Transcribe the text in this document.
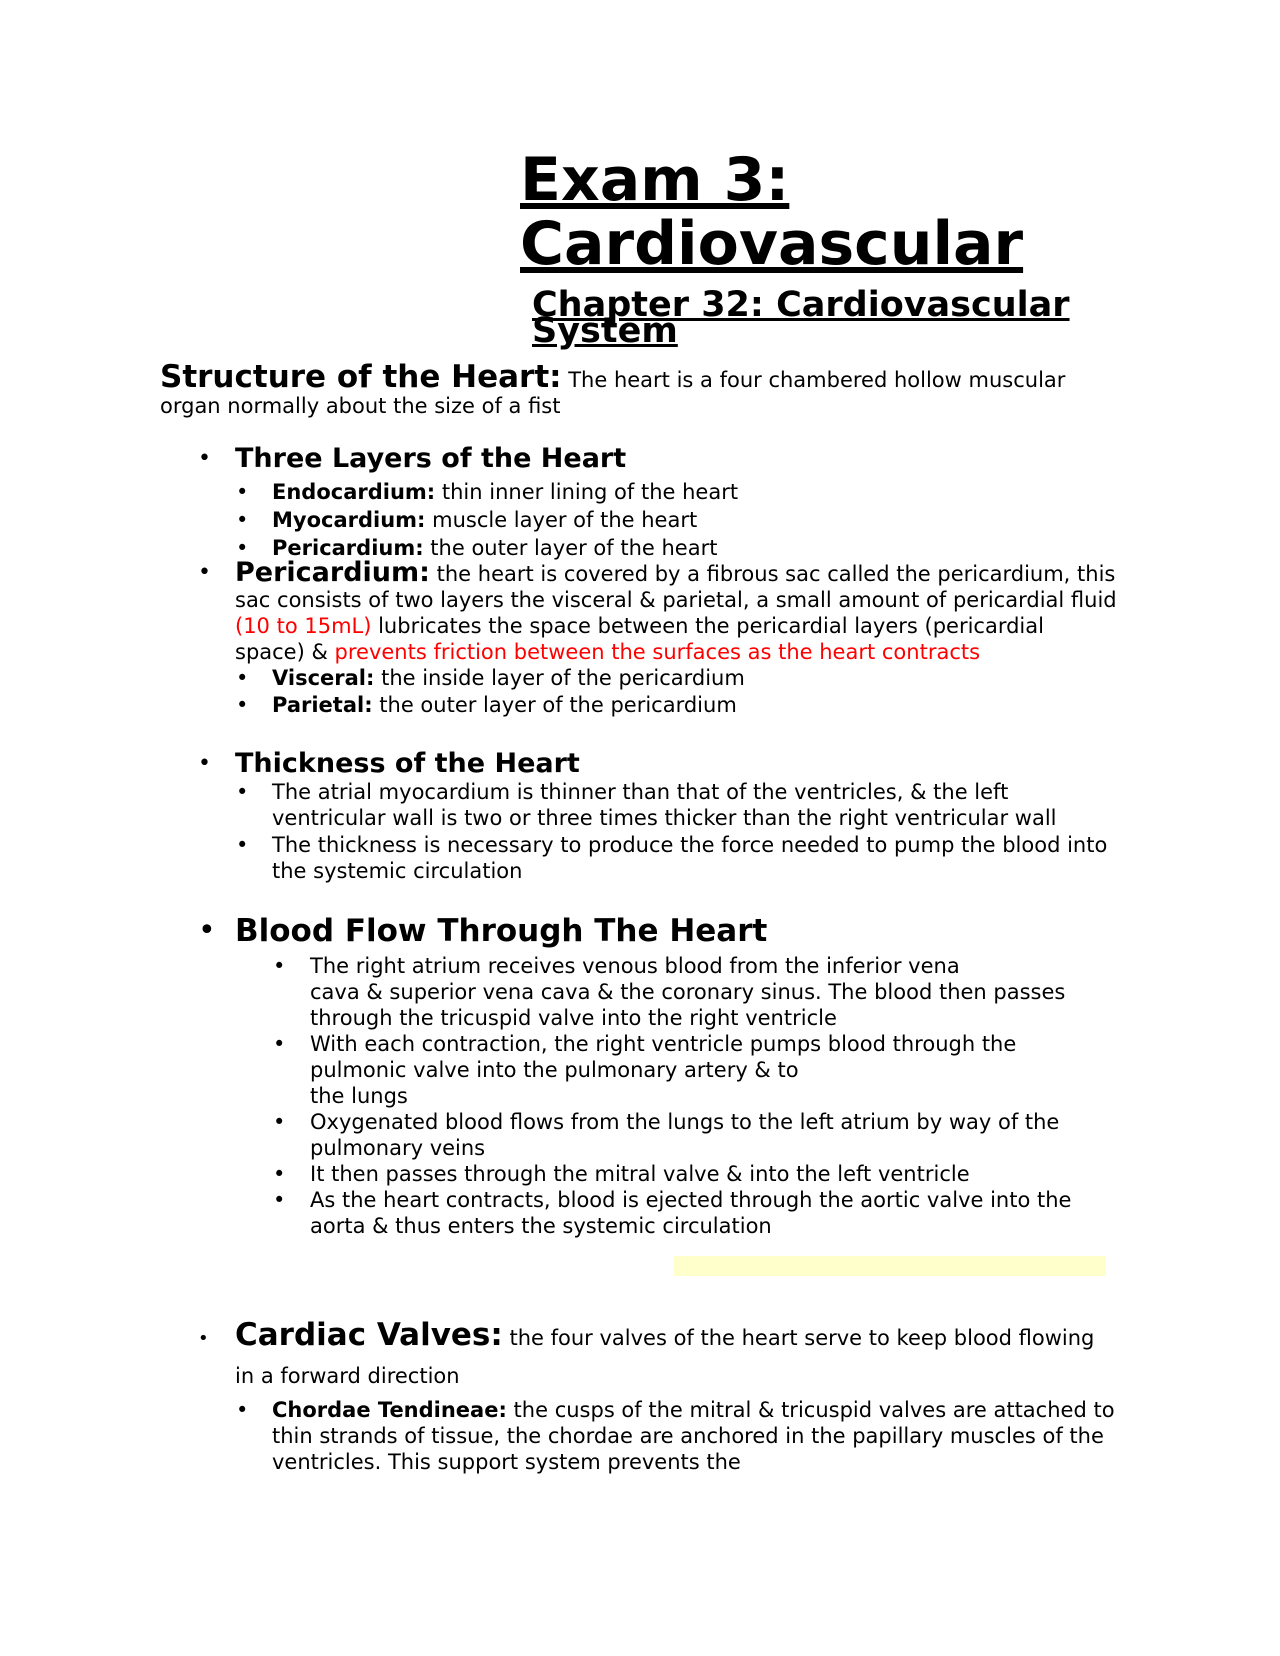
Exam 3:
Cardiovascular
Chapter 32: Cardiovascular System

Structure of the Heart: The heart is a four chambered hollow muscular organ normally about the size of a fist

• Three Layers of the Heart
• Endocardium: thin inner lining of the heart
• Myocardium: muscle layer of the heart
• Pericardium: the outer layer of the heart
• Pericardium: the heart is covered by a fibrous sac called the pericardium, this sac consists of two layers the visceral & parietal, a small amount of pericardial fluid (10 to 15mL) lubricates the space between the pericardial layers (pericardial space) & prevents friction between the surfaces as the heart contracts
• Visceral: the inside layer of the pericardium
• Parietal: the outer layer of the pericardium
• Thickness of the Heart
• The atrial myocardium is thinner than that of the ventricles, & the left ventricular wall is two or three times thicker than the right ventricular wall
• The thickness is necessary to produce the force needed to pump the blood into the systemic circulation
• Blood Flow Through The Heart
• The right atrium receives venous blood from the inferior vena
cava & superior vena cava & the coronary sinus. The blood then passes through the tricuspid valve into the right ventricle
• With each contraction, the right ventricle pumps blood through the pulmonic valve into the pulmonary artery & to
the lungs
• Oxygenated blood flows from the lungs to the left atrium by way of the pulmonary veins
• It then passes through the mitral valve & into the left ventricle
• As the heart contracts, blood is ejected through the aortic valve into the aorta & thus enters the systemic circulation
• Cardiac Valves: the four valves of the heart serve to keep blood flowing in a forward direction
• Chordae Tendineae: the cusps of the mitral & tricuspid valves are attached to thin strands of tissue, the chordae are anchored in the papillary muscles of the ventricles. This support system prevents the
